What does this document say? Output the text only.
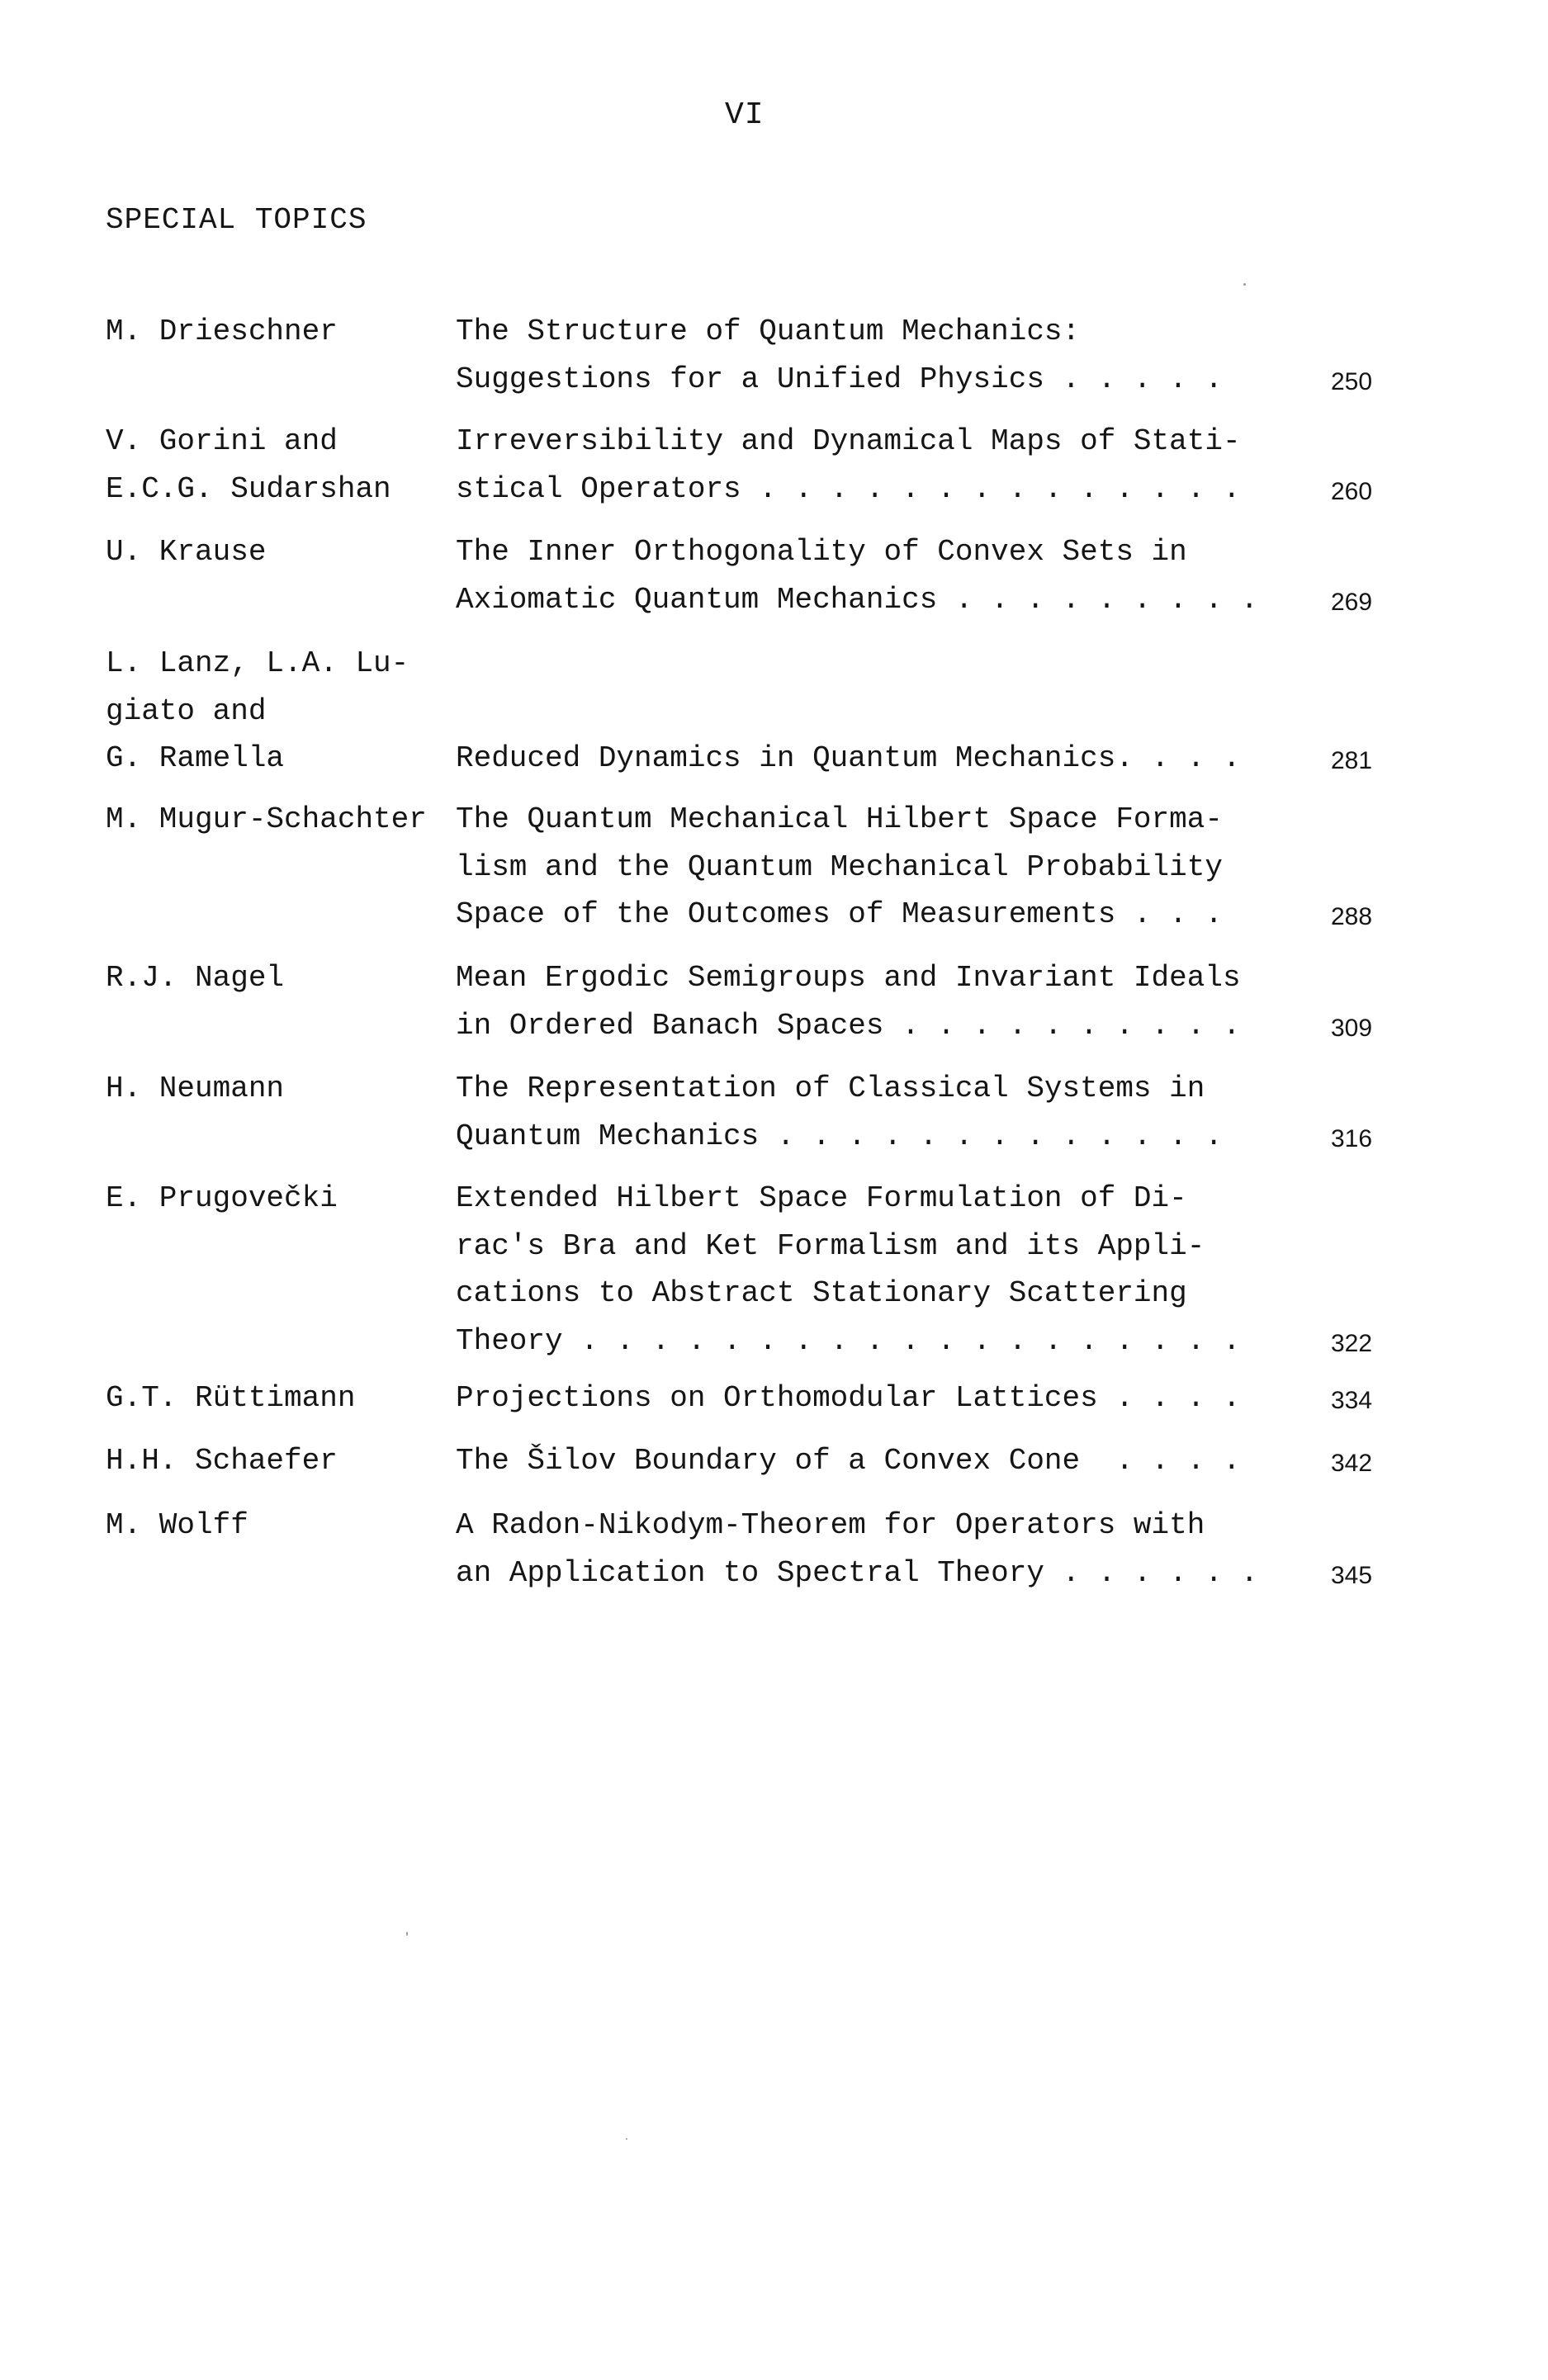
VI
SPECIAL TOPICS
M. Drieschner	The Structure of Quantum Mechanics:
Suggestions for a Unified Physics . . . . .	250
V. Gorini and
E.C.G. Sudarshan
Irreversibility and Dynamical Maps of Stati-
stical Operators . . . . . . . . . . . . . .	260
U. Krause	The Inner Orthogonality of Convex Sets in
Axiomatic Quantum Mechanics . . . . . . . . .	269
L. Lanz, L.A. Lu-
giato and
G. Ramella	Reduced Dynamics in Quantum Mechanics. . . .	281
M. Mugur-Schachter The Quantum Mechanical Hilbert Space Forma-
lism and the Quantum Mechanical Probability
Space of the Outcomes of Measurements . . .	288
R.J. Nagel	Mean Ergodic Semigroups and Invariant Ideals
in Ordered Banach Spaces . . . . . . . . . .	309
H. Neumann	The Representation of Classical Systems in
Quantum Mechanics . . . . . . . . . . . . .	316
E. Prugovečki	Extended Hilbert Space Formulation of Di-
rac's Bra and Ket Formalism and its Appli-
cations to Abstract Stationary Scattering
Theory . . . . . . . . . . . . . . . . . . .	322
G.T. Rüttimann	Projections on Orthomodular Lattices . . . .	334
H.H. Schaefer	The Šilov Boundary of a Convex Cone  . . . .	342
M. Wolff	A Radon-Nikodym-Theorem for Operators with
an Application to Spectral Theory . . . . . .	345
